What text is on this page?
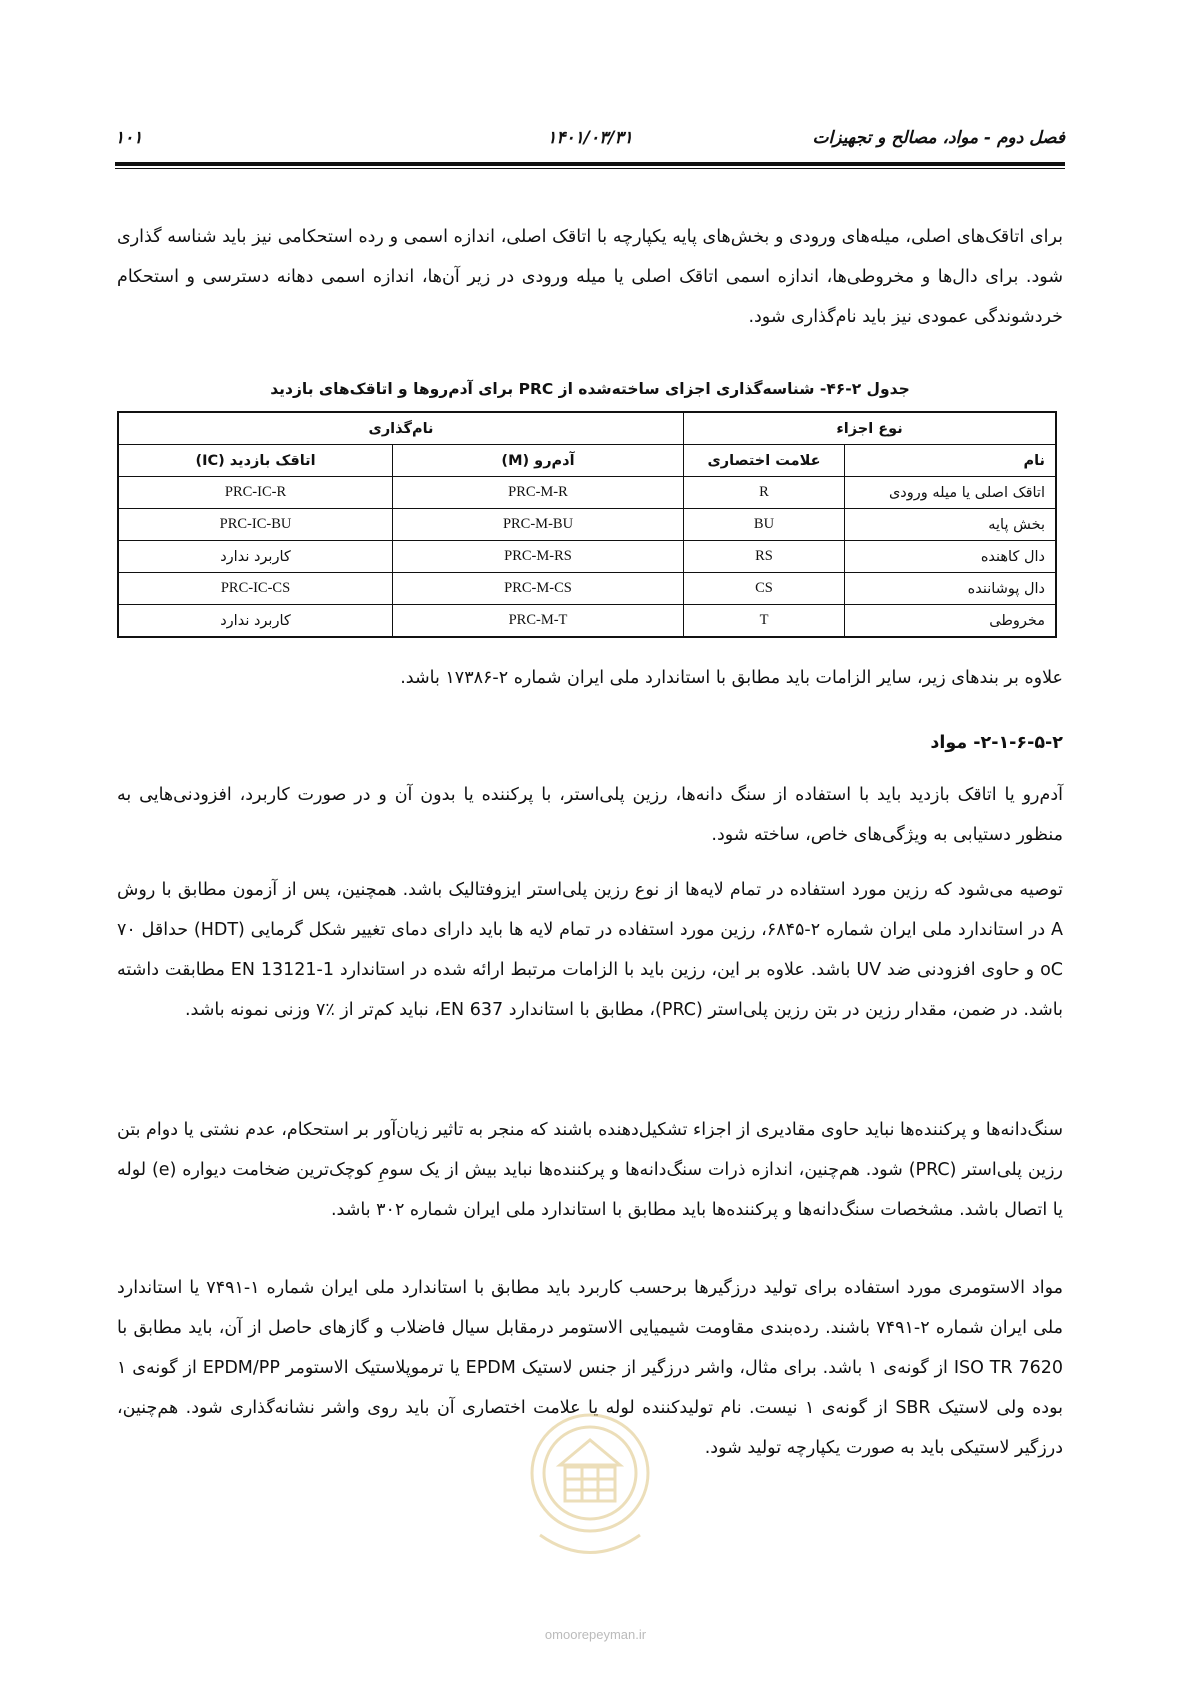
فصل دوم - مواد، مصالح و تجهیزات
۱۴۰۱/۰۳/۳۱
۱۰۱

برای اتاقک‌های اصلی، میله‌های ورودی و بخش‌های پایه یکپارچه با اتاقک اصلی، اندازه اسمی و رده استحکامی نیز باید شناسه گذاری شود. برای دال‌ها و مخروطی‌ها، اندازه اسمی اتاقک اصلی یا میله ورودی در زیر آن‌ها، اندازه اسمی دهانه دسترسی و استحکام خردشوندگی عمودی نیز باید نام‌گذاری شود.

جدول ۲-۴۶- شناسه‌گذاری اجزای ساخته‌شده از PRC برای آدم‌روها و اتاقک‌های بازدید
نوع اجزاء		نام‌گذاری	
نام	علامت اختصاری	آدم‌رو (M)	اتاقک بازدید (IC)
اتاقک اصلی یا میله ورودی	R	PRC-M-R	PRC-IC-R
بخش پایه	BU	PRC-M-BU	PRC-IC-BU
دال کاهنده	RS	PRC-M-RS	کاربرد ندارد
دال پوشاننده	CS	PRC-M-CS	PRC-IC-CS
مخروطی	T	PRC-M-T	کاربرد ندارد

علاوه بر بندهای زیر، سایر الزامات باید مطابق با استاندارد ملی ایران شماره ۲-۱۷۳۸۶ باشد.

۲-۱-۶-۵-۲- مواد

آدم‌رو یا اتاقک بازدید باید با استفاده از سنگ دانه‌ها، رزین پلی‌استر، با پرکننده یا بدون آن و در صورت کاربرد، افزودنی‌هایی به منظور دستیابی به ویژگی‌های خاص، ساخته شود.

توصیه می‌شود که رزین مورد استفاده در تمام لایه‌ها از نوع رزین پلی‌استر ایزوفتالیک باشد. همچنین، پس از آزمون مطابق با روش A در استاندارد ملی ایران شماره ۲-۶۸۴۵، رزین مورد استفاده در تمام لایه ها باید دارای دمای تغییر شکل گرمایی (HDT) حداقل ۷۰ oC و حاوی افزودنی ضد UV باشد. علاوه بر این، رزین باید با الزامات مرتبط ارائه شده در استاندارد EN 13121-1 مطابقت داشته باشد. در ضمن، مقدار رزین در بتن رزین پلی‌استر (PRC)، مطابق با استاندارد EN 637، نباید کم‌تر از ٪۷ وزنی نمونه باشد.

سنگ‌دانه‌ها و پرکننده‌ها نباید حاوی مقادیری از اجزاء تشکیل‌دهنده باشند که منجر به تاثیر زیان‌آور بر استحکام، عدم نشتی یا دوام بتن رزین پلی‌استر (PRC) شود. هم‌چنین، اندازه ذرات سنگ‌دانه‌ها و پرکننده‌ها نباید بیش از یک سومِ کوچک‌ترین ضخامت دیواره (e) لوله یا اتصال باشد. مشخصات سنگ‌دانه‌ها و پرکننده‌ها باید مطابق با استاندارد ملی ایران شماره ۳۰۲ باشد.

مواد الاستومری مورد استفاده برای تولید درزگیرها برحسب کاربرد باید مطابق با استاندارد ملی ایران شماره ۱-۷۴۹۱ یا استاندارد ملی ایران شماره ۲-۷۴۹۱ باشند. رده‌بندی مقاومت شیمیایی الاستومر درمقابل سیال فاضلاب و گازهای حاصل از آن، باید مطابق با ISO TR 7620 از گونه‌ی ۱ باشد. برای مثال، واشر درزگیر از جنس لاستیک EPDM یا ترموپلاستیک الاستومر EPDM/PP از گونه‌ی ۱ بوده ولی لاستیک SBR از گونه‌ی ۱ نیست. نام تولیدکننده لوله یا علامت اختصاری آن باید روی واشر نشانه‌گذاری شود. هم‌چنین، درزگیر لاستیکی باید به صورت یکپارچه تولید شود.

omoorepeyman.ir
